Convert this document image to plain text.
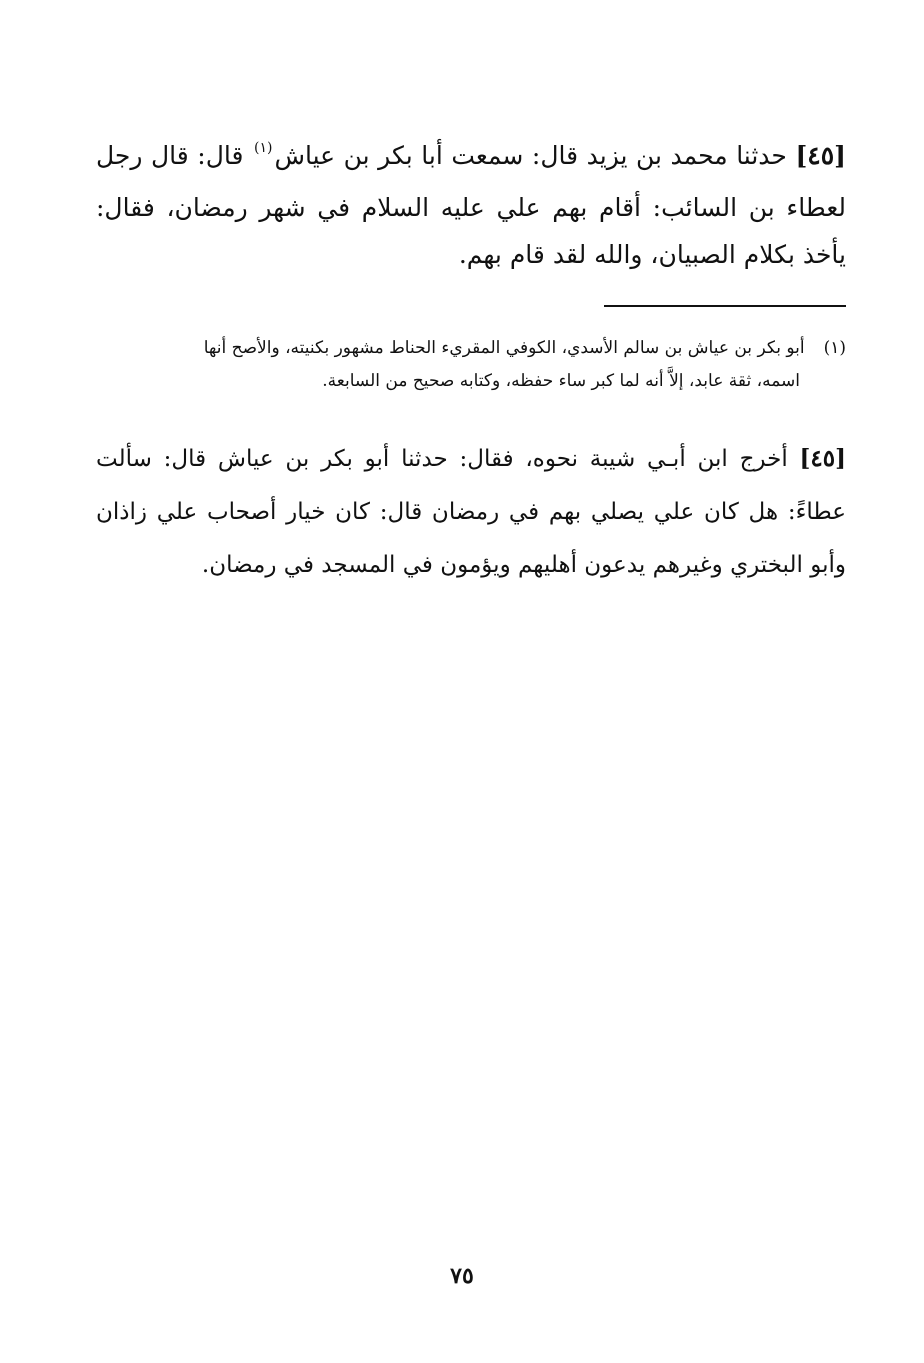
[٤٥] حدثنا محمد بن يزيد قال: سمعت أبا بكر بن عياش$^{(١)}$ قال: قال رجل لعطاء بن السائب: أقام بهم علي عليه السلام في شهر رمضان، فقال: يأخذ بكلام الصبيان، والله لقد قام بهم.
(١) أبو بكر بن عياش بن سالم الأسدي، الكوفي المقريء الحناط مشهور بكنيته، والأصح أنها
اسمه، ثقة عابد، إلاَّ أنه لما كبر ساء حفظه، وكتابه صحيح من السابعة.
[٤٥] أخرج ابن أبـي شيبة نحوه، فقال: حدثنا أبو بكر بن عياش قال: سألت عطاءً: هل كان علي يصلي بهم في رمضان قال: كان خيار أصحاب علي زاذان وأبو البختري وغيرهم يدعون أهليهم ويؤمون في المسجد في رمضان.
٧٥
